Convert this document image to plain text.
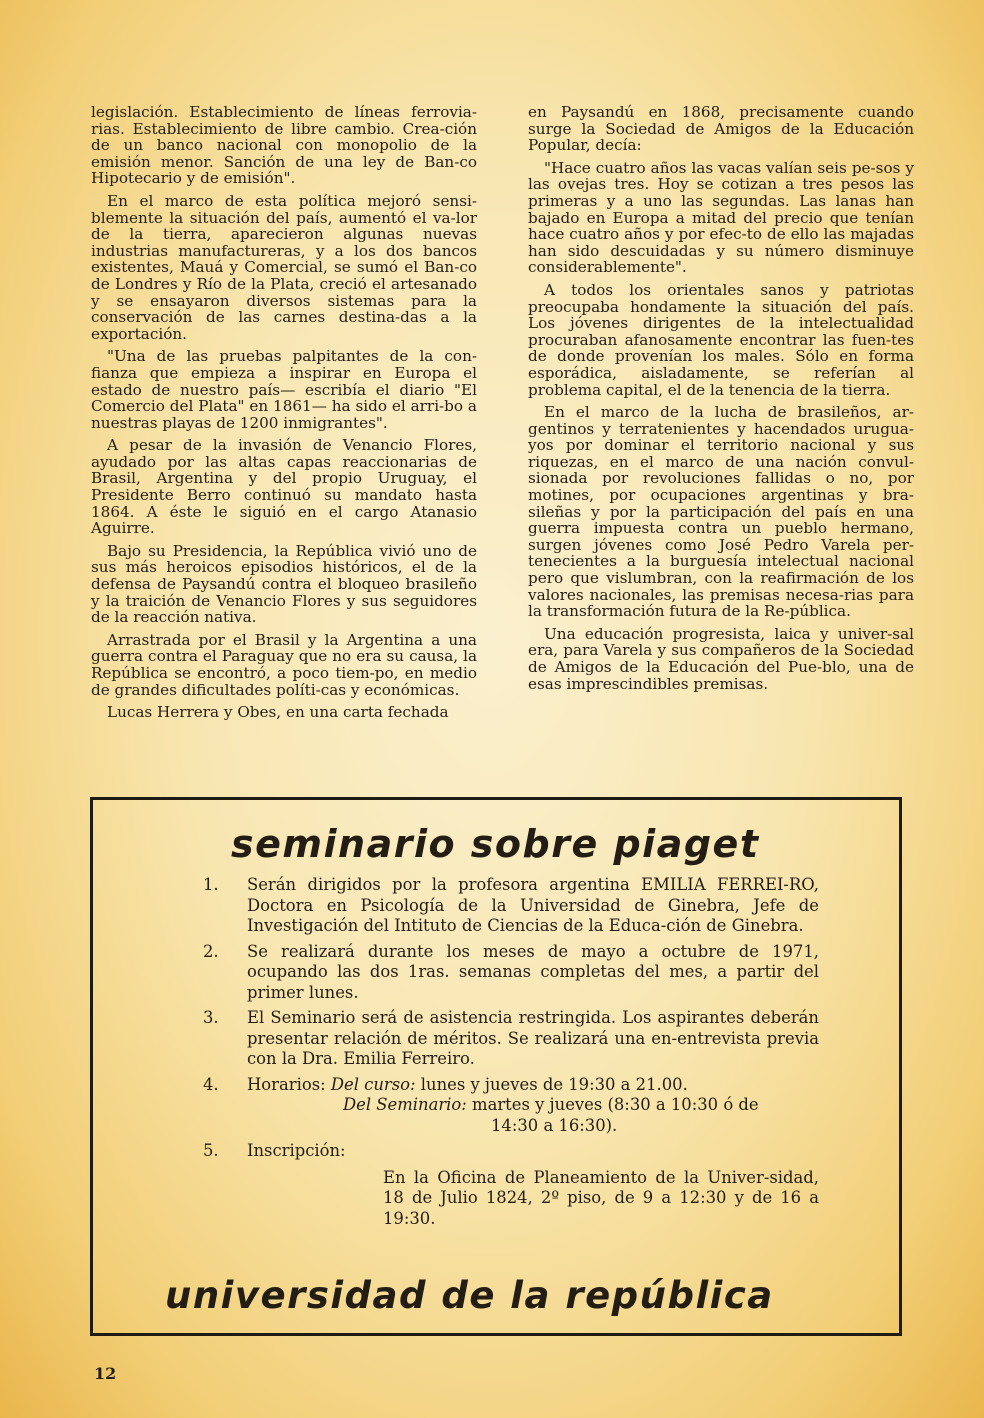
legislación. Establecimiento de líneas ferrovia-rias. Establecimiento de libre cambio. Crea-ción de un banco nacional con monopolio de la emisión menor. Sanción de una ley de Ban-co Hipotecario y de emisión".

En el marco de esta política mejoró sensi-blemente la situación del país, aumentó el va-lor de la tierra, aparecieron algunas nuevas industrias manufactureras, y a los dos bancos existentes, Mauá y Comercial, se sumó el Ban-co de Londres y Río de la Plata, creció el artesanado y se ensayaron diversos sistemas para la conservación de las carnes destina-das a la exportación.

"Una de las pruebas palpitantes de la con-fianza que empieza a inspirar en Europa el estado de nuestro país— escribía el diario "El Comercio del Plata" en 1861— ha sido el arri-bo a nuestras playas de 1200 inmigrantes".

A pesar de la invasión de Venancio Flores, ayudado por las altas capas reaccionarias de Brasil, Argentina y del propio Uruguay, el Presidente Berro continuó su mandato hasta 1864. A éste le siguió en el cargo Atanasio Aguirre.

Bajo su Presidencia, la República vivió uno de sus más heroicos episodios históricos, el de la defensa de Paysandú contra el bloqueo brasileño y la traición de Venancio Flores y sus seguidores de la reacción nativa.

Arrastrada por el Brasil y la Argentina a una guerra contra el Paraguay que no era su causa, la República se encontró, a poco tiem-po, en medio de grandes dificultades políti-cas y económicas.

Lucas Herrera y Obes, en una carta fechada

en Paysandú en 1868, precisamente cuando surge la Sociedad de Amigos de la Educación Popular, decía:

"Hace cuatro años las vacas valían seis pe-sos y las ovejas tres. Hoy se cotizan a tres pesos las primeras y a uno las segundas. Las lanas han bajado en Europa a mitad del precio que tenían hace cuatro años y por efec-to de ello las majadas han sido descuidadas y su número disminuye considerablemente".

A todos los orientales sanos y patriotas preocupaba hondamente la situación del país. Los jóvenes dirigentes de la intelectualidad procuraban afanosamente encontrar las fuen-tes de donde provenían los males. Sólo en forma esporádica, aisladamente, se referían al problema capital, el de la tenencia de la tierra.

En el marco de la lucha de brasileños, ar-gentinos y terratenientes y hacendados urugua-yos por dominar el territorio nacional y sus riquezas, en el marco de una nación convul-sionada por revoluciones fallidas o no, por motines, por ocupaciones argentinas y bra-sileñas y por la participación del país en una guerra impuesta contra un pueblo hermano, surgen jóvenes como José Pedro Varela per-tenecientes a la burguesía intelectual nacional pero que vislumbran, con la reafirmación de los valores nacionales, las premisas necesa-rias para la transformación futura de la Re-pública.

Una educación progresista, laica y univer-sal era, para Varela y sus compañeros de la Sociedad de Amigos de la Educación del Pue-blo, una de esas imprescindibles premisas.

seminario sobre piaget
1. Serán dirigidos por la profesora argentina EMILIA FERREI-RO, Doctora en Psicología de la Universidad de Ginebra, Jefe de Investigación del Intituto de Ciencias de la Educa-ción de Ginebra.
2. Se realizará durante los meses de mayo a octubre de 1971, ocupando las dos 1ras. semanas completas del mes, a partir del primer lunes.
3. El Seminario será de asistencia restringida. Los aspirantes deberán presentar relación de méritos. Se realizará una en-entrevista previa con la Dra. Emilia Ferreiro.
4. Horarios: Del curso: lunes y jueves de 19:30 a 21.00.
Del Seminario: martes y jueves (8:30 a 10:30 ó de
14:30 a 16:30).
5. Inscripción:
En la Oficina de Planeamiento de la Univer-sidad, 18 de Julio 1824, 2º piso, de 9 a 12:30 y de 16 a 19:30.
universidad de la república
12
